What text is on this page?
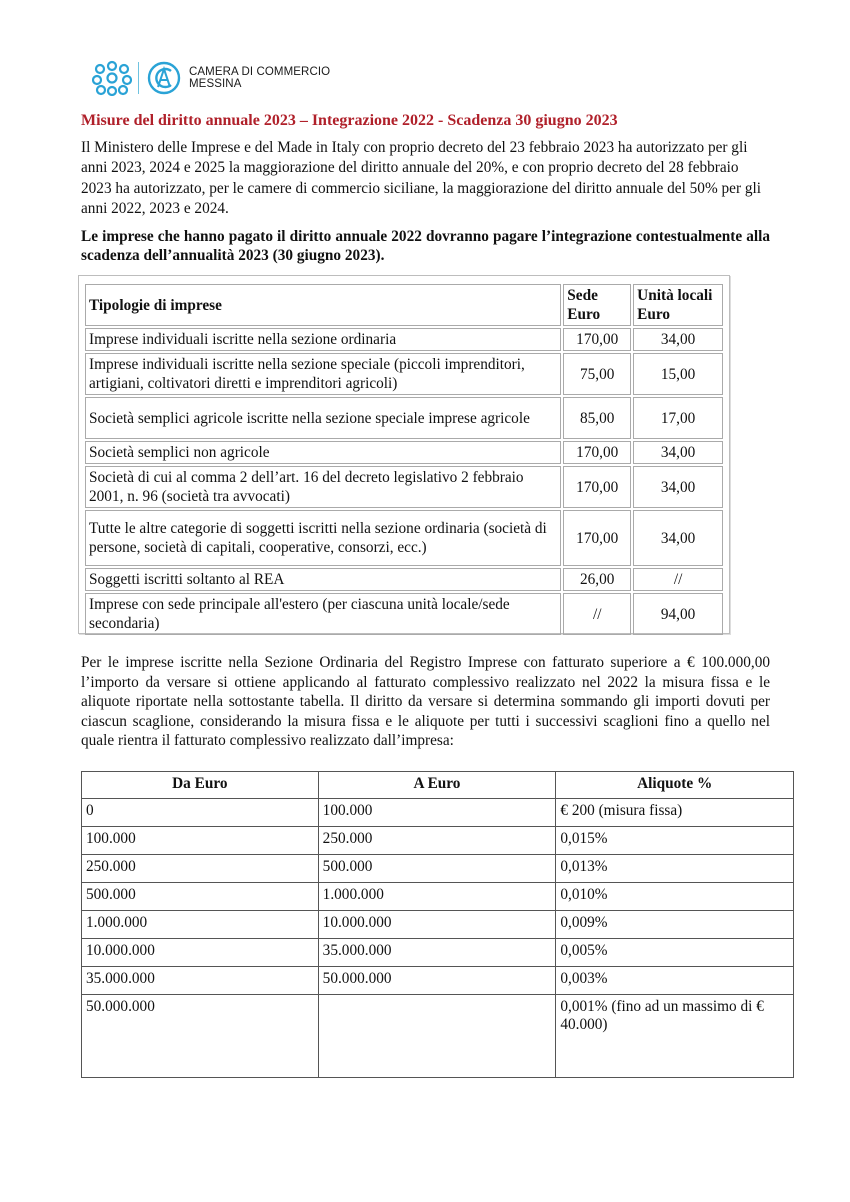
CAMERA DI COMMERCIO
MESSINA
Misure del diritto annuale 2023 – Integrazione 2022 - Scadenza 30 giugno 2023
Il Ministero delle Imprese e del Made in Italy con proprio decreto del 23 febbraio 2023 ha autorizzato per gli anni 2023, 2024 e 2025 la maggiorazione del diritto annuale del 20%, e con proprio decreto del 28 febbraio 2023 ha autorizzato, per le camere di commercio siciliane, la maggiorazione del diritto annuale del 50% per gli anni 2022, 2023 e 2024.
Le imprese che hanno pagato il diritto annuale 2022 dovranno pagare l’integrazione contestualmente alla scadenza dell’annualità 2023 (30 giugno 2023).
Tipologie di imprese	Sede Euro	Unità locali Euro
Imprese individuali iscritte nella sezione ordinaria	170,00	34,00
Imprese individuali iscritte nella sezione speciale (piccoli imprenditori, artigiani, coltivatori diretti e imprenditori agricoli)	75,00	15,00
Società semplici agricole iscritte nella sezione speciale imprese agricole	85,00	17,00
Società semplici non agricole	170,00	34,00
Società di cui al comma 2 dell’art. 16 del decreto legislativo 2 febbraio 2001, n. 96 (società tra avvocati)	170,00	34,00
Tutte le altre categorie di soggetti iscritti nella sezione ordinaria (società di persone, società di capitali, cooperative, consorzi, ecc.)	170,00	34,00
Soggetti iscritti soltanto al REA	26,00	//
Imprese con sede principale all'estero (per ciascuna unità locale/sede secondaria)	//	94,00
Per le imprese iscritte nella Sezione Ordinaria del Registro Imprese con fatturato superiore a € 100.000,00 l’importo da versare si ottiene applicando al fatturato complessivo realizzato nel 2022 la misura fissa e le aliquote riportate nella sottostante tabella. Il diritto da versare si determina sommando gli importi dovuti per ciascun scaglione, considerando la misura fissa e le aliquote per tutti i successivi scaglioni fino a quello nel quale rientra il fatturato complessivo realizzato dall’impresa:
Da Euro	A Euro	Aliquote %
0	100.000	€ 200 (misura fissa)
100.000	250.000	0,015%
250.000	500.000	0,013%
500.000	1.000.000	0,010%
1.000.000	10.000.000	0,009%
10.000.000	35.000.000	0,005%
35.000.000	50.000.000	0,003%
50.000.000		0,001% (fino ad un massimo di € 40.000)
